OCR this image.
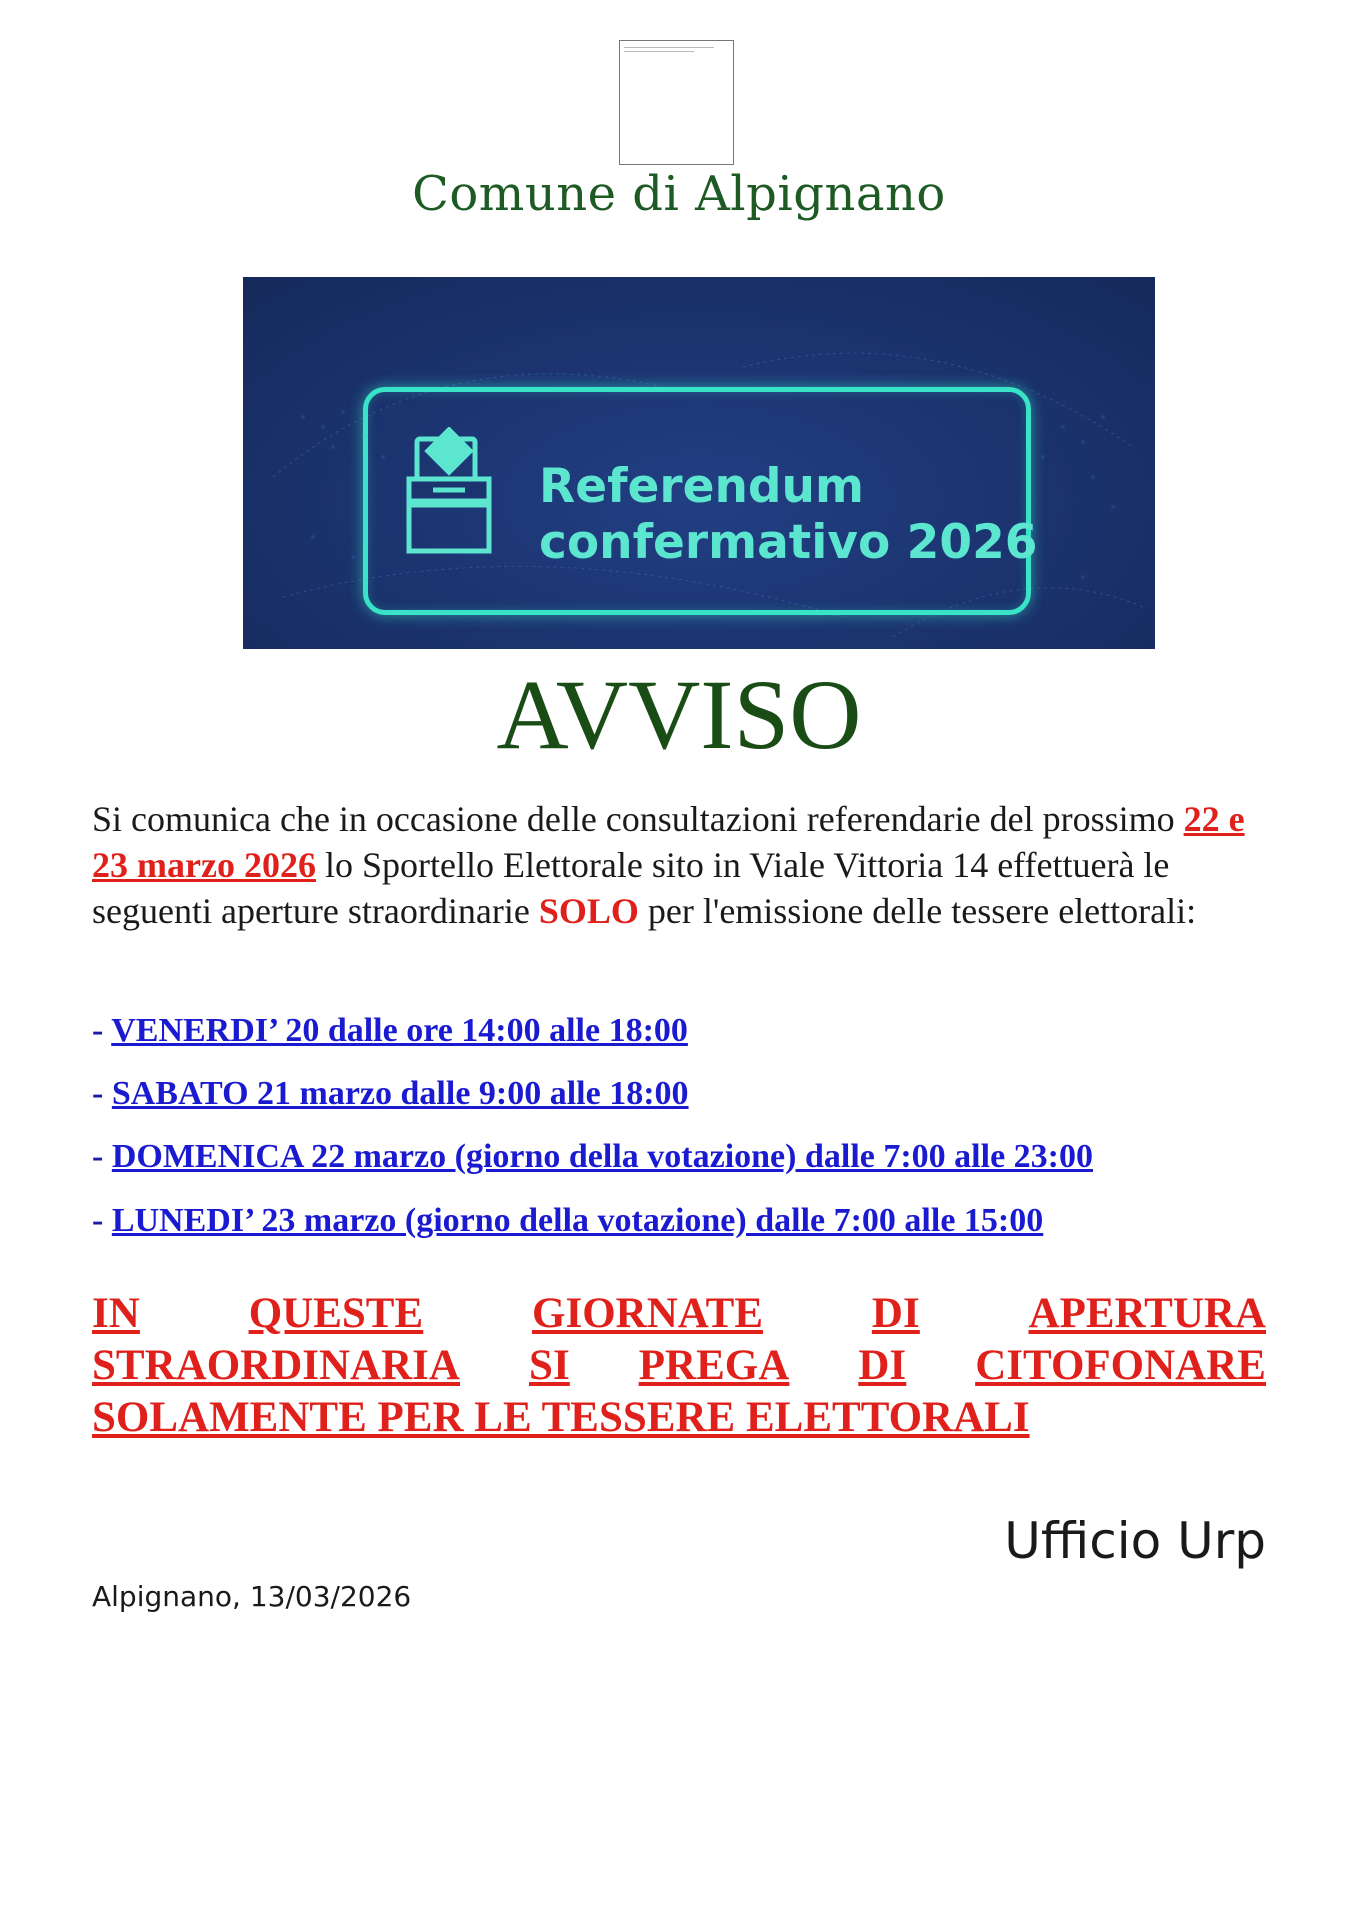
Comune di Alpignano
Referendum
confermativo 2026
AVVISO
Si comunica che in occasione delle consultazioni referendarie del prossimo 22 e 23 marzo 2026 lo Sportello Elettorale sito in Viale Vittoria 14 effettuerà le seguenti aperture straordinarie SOLO per l'emissione delle tessere elettorali:
- VENERDI’ 20 dalle ore 14:00 alle 18:00
- SABATO 21 marzo dalle 9:00 alle 18:00
- DOMENICA 22 marzo (giorno della votazione) dalle 7:00 alle 23:00
- LUNEDI’ 23 marzo (giorno della votazione) dalle 7:00 alle 15:00
IN	QUESTE	GIORNATE	DI	APERTURA
STRAORDINARIA SI PREGA DI CITOFONARE
SOLAMENTE PER LE TESSERE ELETTORALI
Ufficio Urp
Alpignano, 13/03/2026
